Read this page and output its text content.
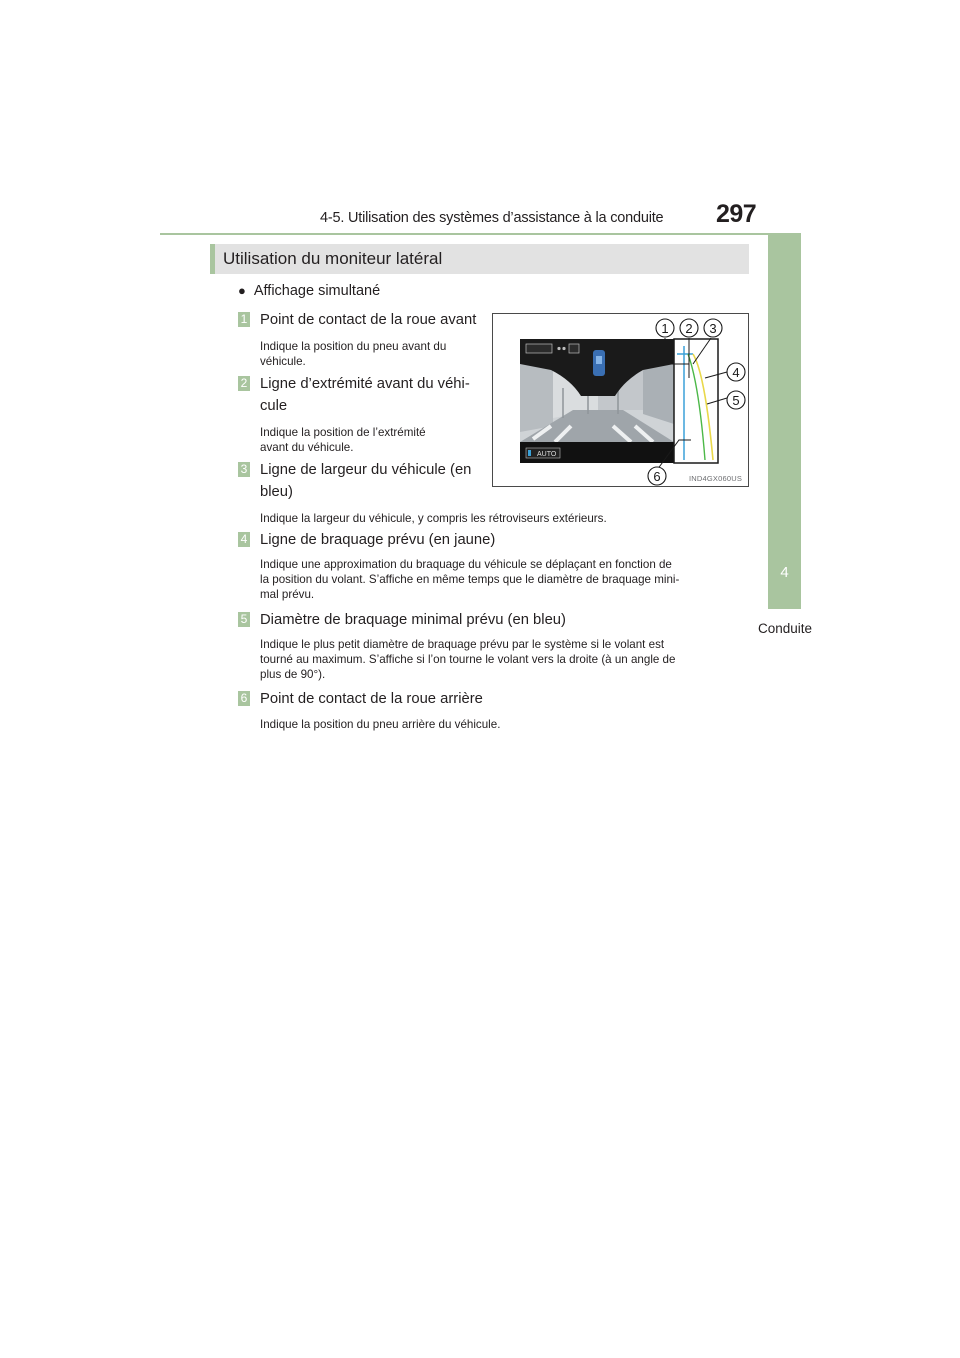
4-5. Utilisation des systèmes d’assistance à la conduite 297
4
Conduite
Utilisation du moniteur latéral
● Affichage simultané
1 Point de contact de la roue avant
Indique la position du pneu avant du
véhicule.
2 Ligne d’extrémité avant du véhi-
cule
Indique la position de l’extrémité
avant du véhicule.
3 Ligne de largeur du véhicule (en
bleu)
Indique la largeur du véhicule, y compris les rétroviseurs extérieurs.
4 Ligne de braquage prévu (en jaune)
Indique une approximation du braquage du véhicule se déplaçant en fonction de
la position du volant. S’affiche en même temps que le diamètre de braquage mini-
mal prévu.
5 Diamètre de braquage minimal prévu (en bleu)
Indique le plus petit diamètre de braquage prévu par le système si le volant est
tourné au maximum. S’affiche si l’on tourne le volant vers la droite (à un angle de
plus de 90°).
6 Point de contact de la roue arrière
Indique la position du pneu arrière du véhicule.
AUTO
1 2 3
4
5
6	IND4GX060US
